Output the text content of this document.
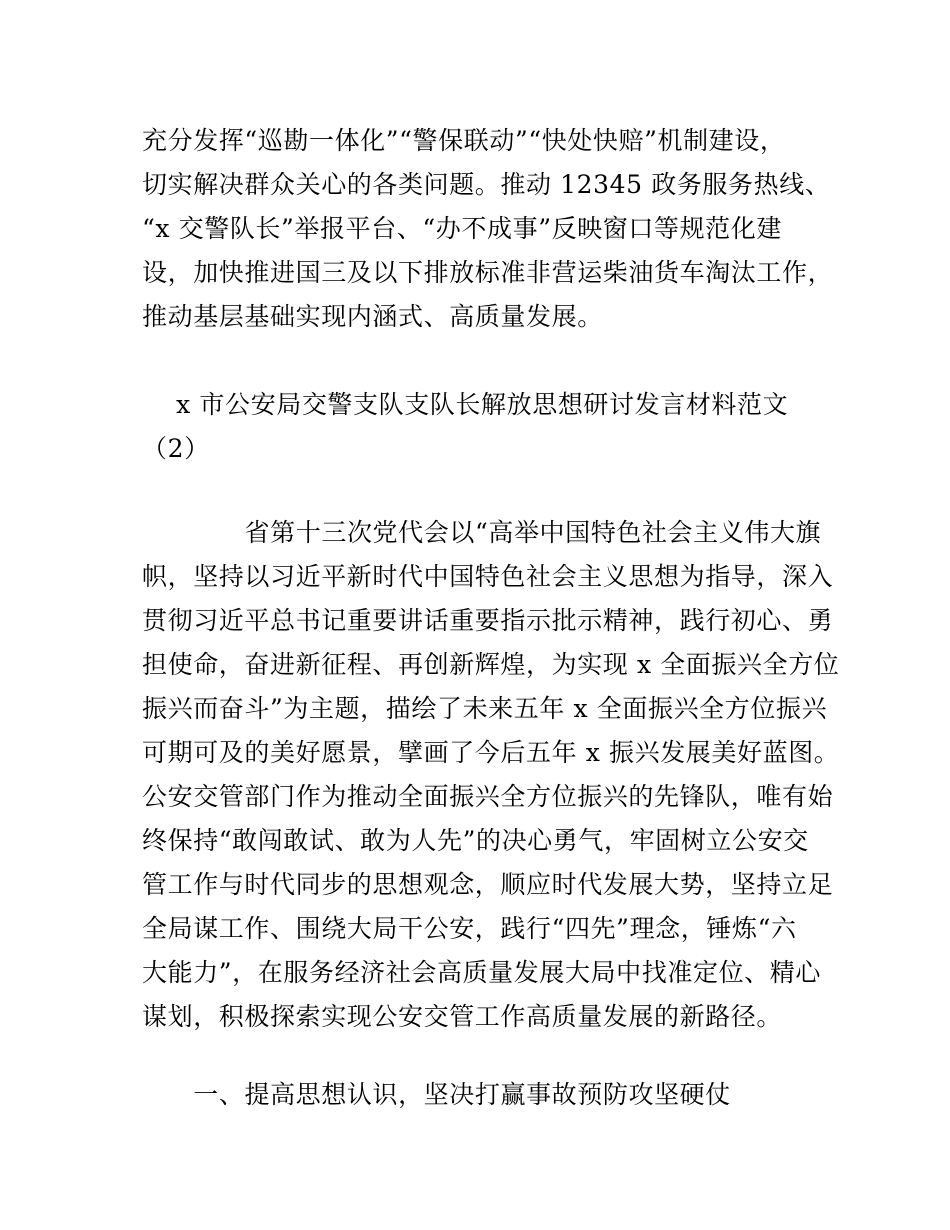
充分发挥“巡勘一体化”“警保联动”“快处快赔”机制建设，
切实解决群众关心的各类问题。推动 12345 政务服务热线、
“x 交警队长”举报平台、“办不成事”反映窗口等规范化建
设，加快推进国三及以下排放标准非营运柴油货车淘汰工作，
推动基层基础实现内涵式、高质量发展。
x 市公安局交警支队支队长解放思想研讨发言材料范文
（2）
省第十三次党代会以“高举中国特色社会主义伟大旗
帜，坚持以习近平新时代中国特色社会主义思想为指导，深入
贯彻习近平总书记重要讲话重要指示批示精神，践行初心、勇
担使命，奋进新征程、再创新辉煌，为实现 x 全面振兴全方位
振兴而奋斗”为主题，描绘了未来五年 x 全面振兴全方位振兴
可期可及的美好愿景，擘画了今后五年 x 振兴发展美好蓝图。
公安交管部门作为推动全面振兴全方位振兴的先锋队，唯有始
终保持“敢闯敢试、敢为人先”的决心勇气，牢固树立公安交
管工作与时代同步的思想观念，顺应时代发展大势，坚持立足
全局谋工作、围绕大局干公安，践行“四先”理念，锤炼“六
大能力”，在服务经济社会高质量发展大局中找准定位、精心
谋划，积极探索实现公安交管工作高质量发展的新路径。
一、提高思想认识，坚决打赢事故预防攻坚硬仗
